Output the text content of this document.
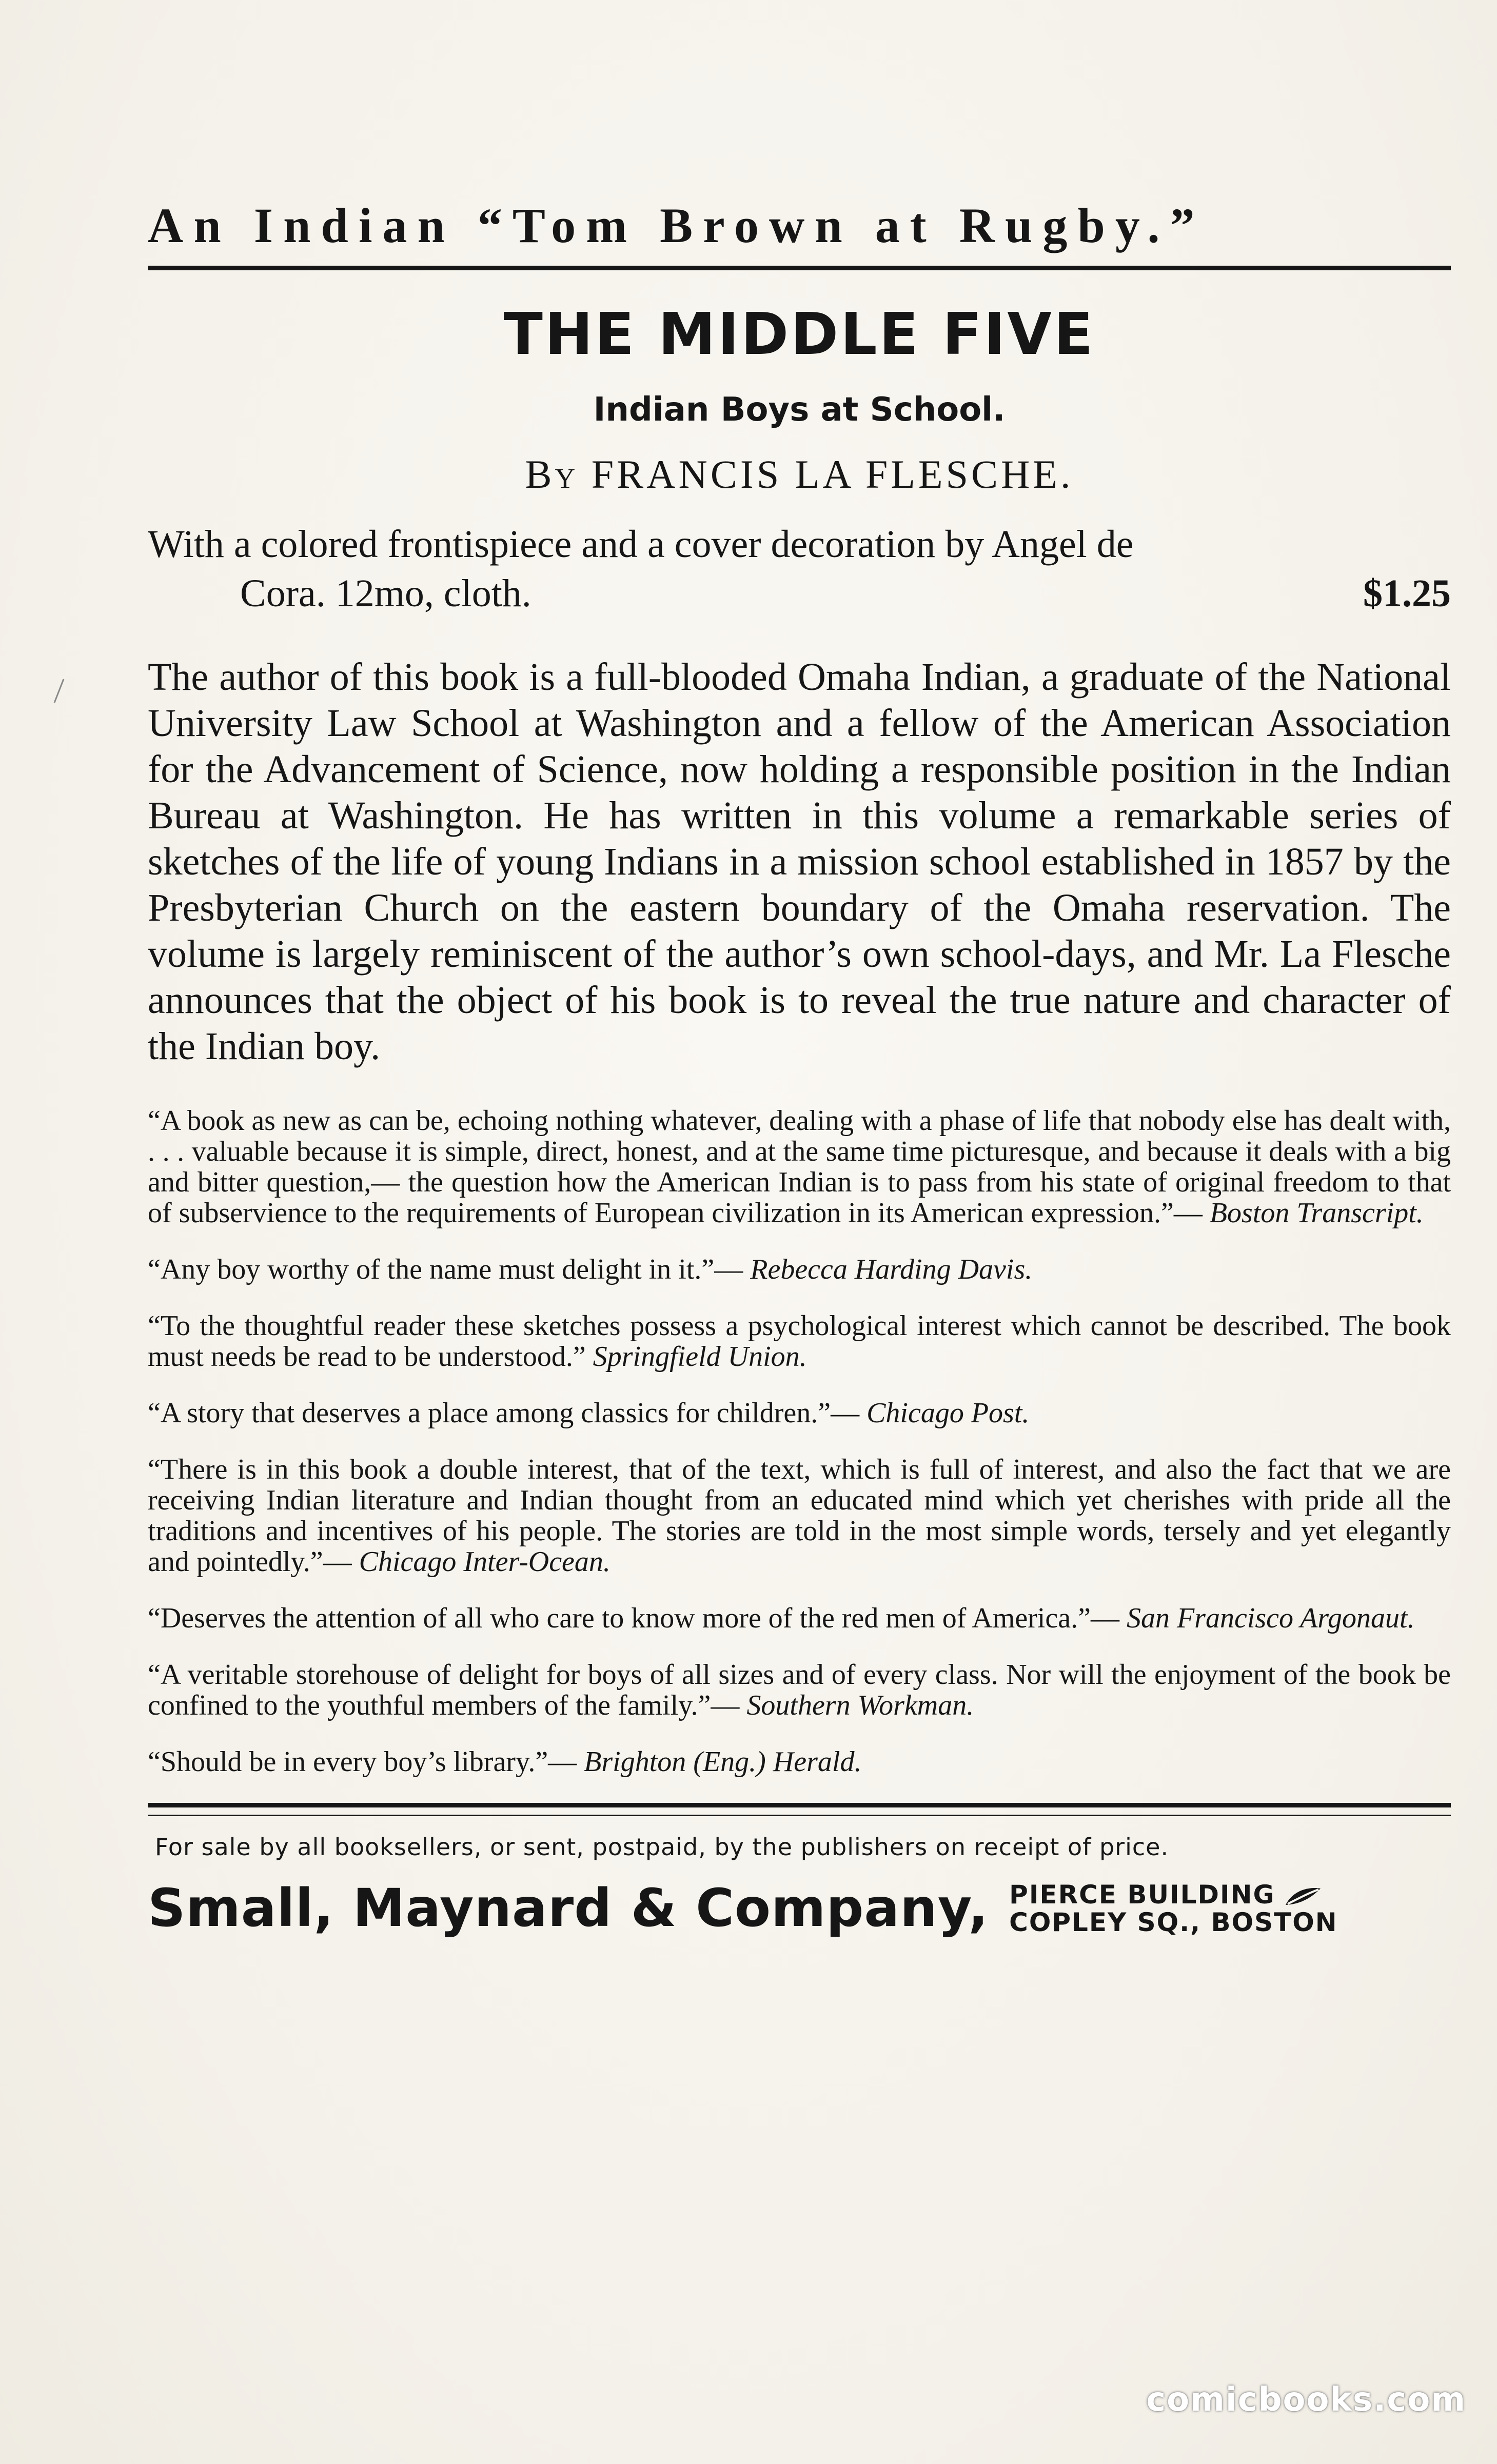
An Indian “Tom Brown at Rugby.”
THE MIDDLE FIVE
Indian Boys at School.
By FRANCIS LA FLESCHE.
With a colored frontispiece and a cover decoration by Angel de
Cora. 12mo, cloth.	$1.25
The author of this book is a full-blooded Omaha Indian, a graduate of the National University Law School at Washington and a fellow of the American Association for the Advancement of Science, now holding a responsible position in the Indian Bureau at Washington. He has written in this volume a remarkable series of sketches of the life of young Indians in a mission school established in 1857 by the Presbyterian Church on the eastern boundary of the Omaha reservation. The volume is largely reminiscent of the author’s own school-days, and Mr. La Flesche announces that the object of his book is to reveal the true nature and character of the Indian boy.
“A book as new as can be, echoing nothing whatever, dealing with a phase of life that nobody else has dealt with, . . . valuable because it is simple, direct, honest, and at the same time picturesque, and because it deals with a big and bitter question,— the question how the American Indian is to pass from his state of original freedom to that of subservience to the requirements of European civilization in its American expression.”— Boston Transcript.
“Any boy worthy of the name must delight in it.”— Rebecca Harding Davis.
“To the thoughtful reader these sketches possess a psychological interest which cannot be described. The book must needs be read to be understood.” Springfield Union.
“A story that deserves a place among classics for children.”— Chicago Post.
“There is in this book a double interest, that of the text, which is full of interest, and also the fact that we are receiving Indian literature and Indian thought from an educated mind which yet cherishes with pride all the traditions and incentives of his people. The stories are told in the most simple words, tersely and yet elegantly and pointedly.”— Chicago Inter-Ocean.
“Deserves the attention of all who care to know more of the red men of America.”— San Francisco Argonaut.
“A veritable storehouse of delight for boys of all sizes and of every class. Nor will the enjoyment of the book be confined to the youthful members of the family.”— Southern Workman.
“Should be in every boy’s library.”— Brighton (Eng.) Herald.
For sale by all booksellers, or sent, postpaid, by the publishers on receipt of price.
Small, Maynard & Company, PIERCE BUILDING
COPLEY SQ., BOSTON
comicbooks.com
